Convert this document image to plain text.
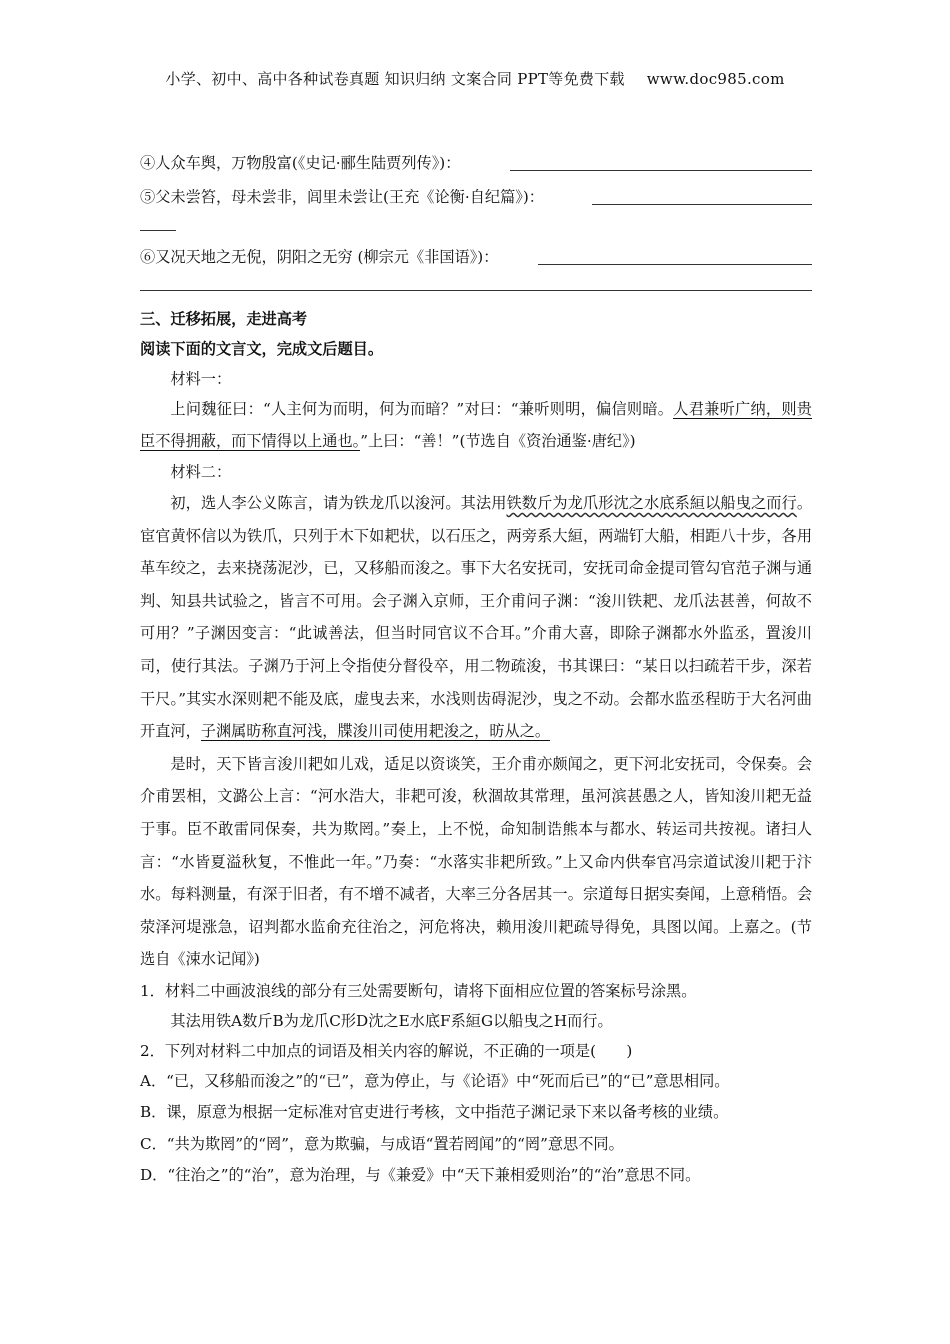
小学、初中、高中各种试卷真题 知识归纳 文案合同 PPT等免费下载 www.doc985.com
④人众车舆，万物殷富(《史记·郦生陆贾列传》)：
⑤父未尝笞，母未尝非，闾里未尝让(王充《论衡·自纪篇》)：
⑥又况天地之无倪，阴阳之无穷 (柳宗元《非国语》)：
三、迁移拓展，走进高考
阅读下面的文言文，完成文后题目。
材料一：
上问魏征曰：“人主何为而明，何为而暗？”对曰：“兼听则明，偏信则暗。人君兼听广纳，则贵臣不得拥蔽，而下情得以上通也。”上曰：“善！”(节选自《资治通鉴·唐纪》)
材料二：
初，选人李公义陈言，请为铁龙爪以浚河。其法用铁数斤为龙爪形沈之水底系絙以船曳之而行。宦官黄怀信以为铁爪，只列于木下如耙状，以石压之，两旁系大絙，两端钉大船，相距八十步，各用革车绞之，去来挠荡泥沙，已，又移船而浚之。事下大名安抚司，安抚司命金提司管勾官范子渊与通判、知县共试验之，皆言不可用。会子渊入京师，王介甫问子渊：“浚川铁耙、龙爪法甚善，何故不可用？”子渊因变言：“此诚善法，但当时同官议不合耳。”介甫大喜，即除子渊都水外监丞，置浚川司，使行其法。子渊乃于河上令指使分督役卒，用二物疏浚，书其课曰：“某日以扫疏若干步，深若干尺。”其实水深则耙不能及底，虚曳去来，水浅则齿碍泥沙，曳之不动。会都水监丞程昉于大名河曲开直河，子渊属昉称直河浅，牒浚川司使用耙浚之，昉从之。
是时，天下皆言浚川耙如儿戏，适足以资谈笑，王介甫亦颇闻之，更下河北安抚司，令保奏。会介甫罢相，文潞公上言：“河水浩大，非耙可浚，秋涸故其常理，虽河滨甚愚之人，皆知浚川耙无益于事。臣不敢雷同保奏，共为欺罔。”奏上，上不悦，命知制诰熊本与都水、转运司共按视。诸扫人言：“水皆夏溢秋复，不惟此一年。”乃奏：“水落实非耙所致。”上又命内供奉官冯宗道试浚川耙于汴水。每料测量，有深于旧者，有不增不减者，大率三分各居其一。宗道每日据实奏闻，上意稍悟。会荥泽河堤涨急，诏判都水监俞充往治之，河危将决，赖用浚川耙疏导得免，具图以闻。上嘉之。(节选自《涑水记闻》)
1．材料二中画波浪线的部分有三处需要断句，请将下面相应位置的答案标号涂黑。
其法用铁A数斤B为龙爪C形D沈之E水底F系絙G以船曳之H而行。
2．下列对材料二中加点的词语及相关内容的解说，不正确的一项是(　　)
A．“已，又移船而浚之”的“已”，意为停止，与《论语》中“死而后已”的“已”意思相同。
B．课，原意为根据一定标准对官吏进行考核，文中指范子渊记录下来以备考核的业绩。
C．“共为欺罔”的“罔”，意为欺骗，与成语“置若罔闻”的“罔”意思不同。
D．“往治之”的“治”，意为治理，与《兼爱》中“天下兼相爱则治”的“治”意思不同。
